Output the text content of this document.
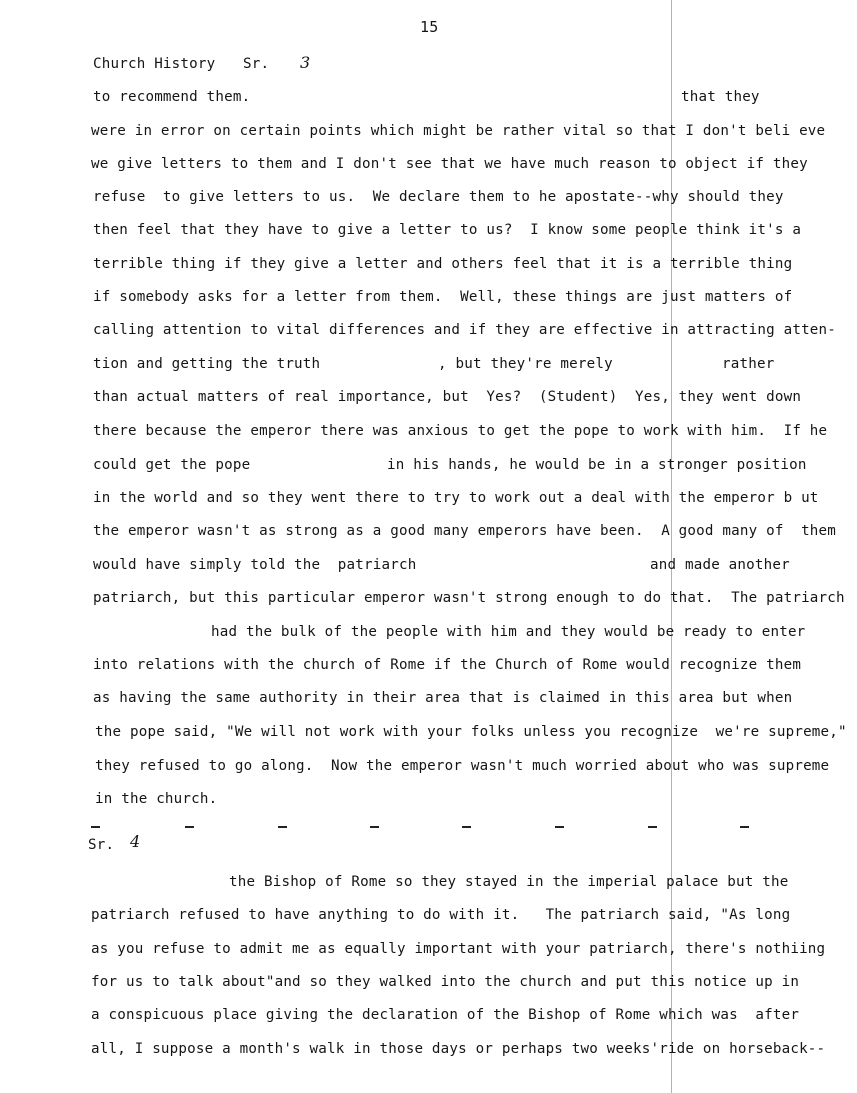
15
Church History Sr. 3
to recommend them.	that they
were in error on certain points which might be rather vital so that I don't beli eve
we give letters to them and I don't see that we have much reason to object if they
refuse  to give letters to us.  We declare them to he apostate--why should they
then feel that they have to give a letter to us?  I know some people think it's a
terrible thing if they give a letter and others feel that it is a terrible thing
if somebody asks for a letter from them.  Well, these things are just matters of
calling attention to vital differences and if they are effective in attracting atten-
tion and getting the truth	, but they're merely	rather
than actual matters of real importance, but  Yes?  (Student)  Yes, they went down
there because the emperor there was anxious to get the pope to work with him.  If he
could get the pope	in his hands, he would be in a stronger position
in the world and so they went there to try to work out a deal with the emperor b ut
the emperor wasn't as strong as a good many emperors have been.  A good many of  them
would have simply told the  patriarch	and made another
patriarch, but this particular emperor wasn't strong enough to do that.  The patriarch
had the bulk of the people with him and they would be ready to enter
into relations with the church of Rome if the Church of Rome would recognize them
as having the same authority in their area that is claimed in this area but when
the pope said, "We will not work with your folks unless you recognize  we're supreme,"
they refused to go along.  Now the emperor wasn't much worried about who was supreme
in the church.
Sr. 4
the Bishop of Rome so they stayed in the imperial palace but the
patriarch refused to have anything to do with it.   The patriarch said, "As long
as you refuse to admit me as equally important with your patriarch, there's nothiing
for us to talk about"and so they walked into the church and put this notice up in
a conspicuous place giving the declaration of the Bishop of Rome which was  after
all, I suppose a month's walk in those days or perhaps two weeks'ride on horseback--
